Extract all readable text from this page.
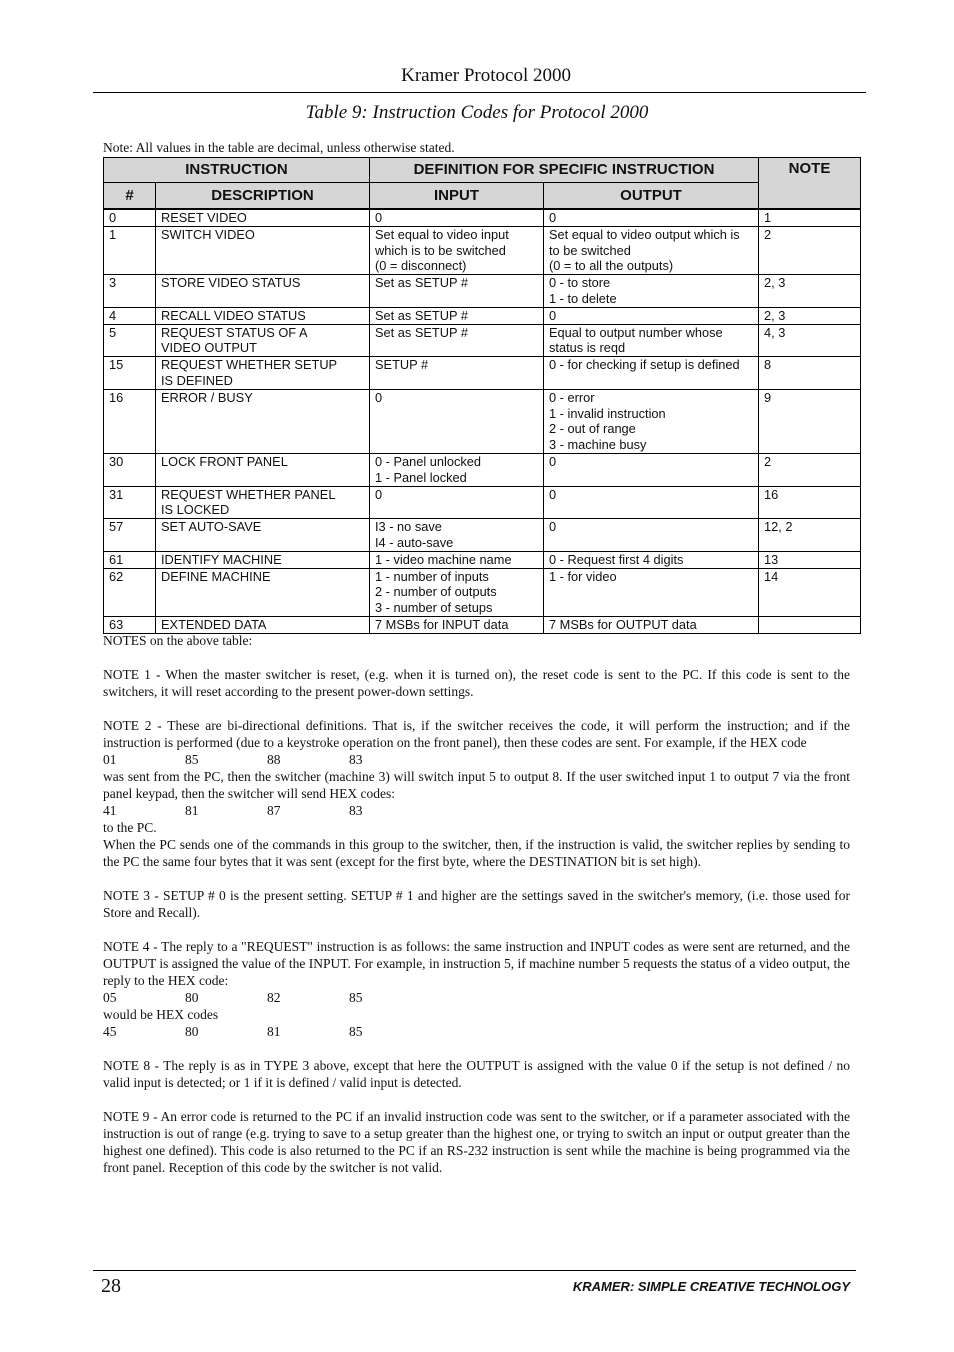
Kramer Protocol 2000
Table 9: Instruction Codes for Protocol 2000
Note: All values in the table are decimal, unless otherwise stated.
INSTRUCTION		DEFINITION FOR SPECIFIC INSTRUCTION		NOTE
#	DESCRIPTION	INPUT	OUTPUT	
0	RESET VIDEO	0	0	1
1	SWITCH VIDEO	Set equal to video input
which is to be switched
(0 = disconnect)	Set equal to video output which is
to be switched
(0 = to all the outputs)	2
3	STORE VIDEO STATUS	Set as SETUP #	0 - to store
1 - to delete	2, 3
4	RECALL VIDEO STATUS	Set as SETUP #	0	2, 3
5	REQUEST STATUS OF A
VIDEO OUTPUT	Set as SETUP #	Equal to output number whose
status is reqd	4, 3
15	REQUEST WHETHER SETUP
IS DEFINED	SETUP #	0 - for checking if setup is defined	8
16	ERROR / BUSY	0	0 - error
1 - invalid instruction
2 - out of range
3 - machine busy	9
30	LOCK FRONT PANEL	0 - Panel unlocked
1 - Panel locked	0	2
31	REQUEST WHETHER PANEL
IS LOCKED	0	0	16
57	SET AUTO-SAVE	I3 - no save
I4 - auto-save	0	12, 2
61	IDENTIFY MACHINE	1 - video machine name	0 - Request first 4 digits	13
62	DEFINE MACHINE	1 - number of inputs
2 - number of outputs
3 - number of setups	1 - for video	14
63	EXTENDED DATA	7 MSBs for INPUT data	7 MSBs for OUTPUT data	

NOTES on the above table:

NOTE 1 - When the master switcher is reset, (e.g. when it is turned on), the reset code is sent to the PC. If this code is sent to the switchers, it will reset according to the present power-down settings.

NOTE 2 - These are bi-directional definitions. That is, if the switcher receives the code, it will perform the instruction; and if the instruction is performed (due to a keystroke operation on the front panel), then these codes are sent. For example, if the HEX code

01	85	88	83

was sent from the PC, then the switcher (machine 3) will switch input 5 to output 8. If the user switched input 1 to output 7 via the front panel keypad, then the switcher will send HEX codes:

41	81	87	83

to the PC.

When the PC sends one of the commands in this group to the switcher, then, if the instruction is valid, the switcher replies by sending to the PC the same four bytes that it was sent (except for the first byte, where the DESTINATION bit is set high).

NOTE 3 - SETUP # 0 is the present setting. SETUP # 1 and higher are the settings saved in the switcher's memory, (i.e. those used for Store and Recall).

NOTE 4 - The reply to a "REQUEST" instruction is as follows: the same instruction and INPUT codes as were sent are returned, and the OUTPUT is assigned the value of the INPUT. For example, in instruction 5, if machine number 5 requests the status of a video output, the reply to the HEX code:

05	80	82	85

would be HEX codes

45	80	81	85

NOTE 8 - The reply is as in TYPE 3 above, except that here the OUTPUT is assigned with the value 0 if the setup is not defined / no valid input is detected; or 1 if it is defined / valid input is detected.

NOTE 9 - An error code is returned to the PC if an invalid instruction code was sent to the switcher, or if a parameter associated with the instruction is out of range (e.g. trying to save to a setup greater than the highest one, or trying to switch an input or output greater than the highest one defined). This code is also returned to the PC if an RS-232 instruction is sent while the machine is being programmed via the front panel. Reception of this code by the switcher is not valid.

28	KRAMER: SIMPLE CREATIVE TECHNOLOGY
